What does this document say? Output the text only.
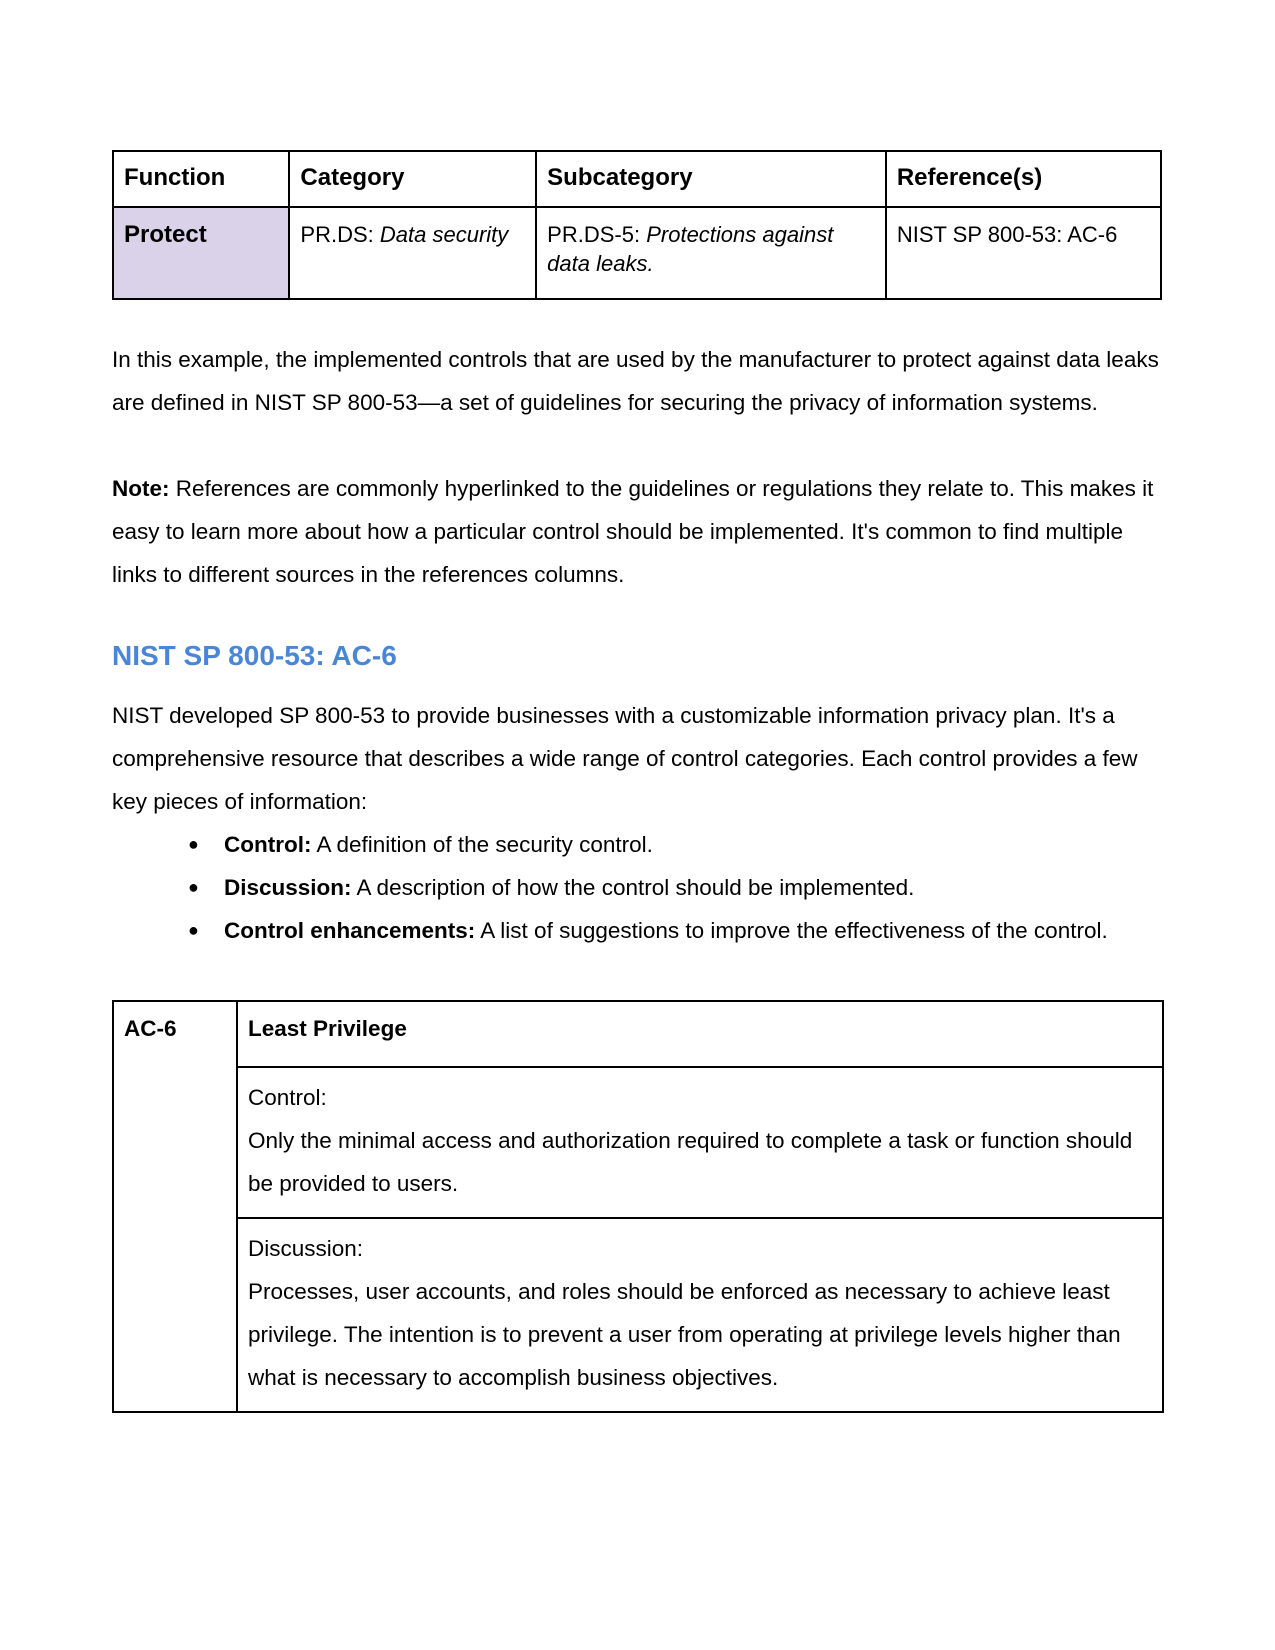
Function	Category	Subcategory	Reference(s)
Protect	PR.DS: Data security	PR.DS-5: Protections against data leaks.	NIST SP 800-53: AC-6

In this example, the implemented controls that are used by the manufacturer to protect against data leaks are defined in NIST SP 800-53—a set of guidelines for securing the privacy of information systems.

Note: References are commonly hyperlinked to the guidelines or regulations they relate to. This makes it easy to learn more about how a particular control should be implemented. It's common to find multiple links to different sources in the references columns.

NIST SP 800-53: AC-6

NIST developed SP 800-53 to provide businesses with a customizable information privacy plan. It's a comprehensive resource that describes a wide range of control categories. Each control provides a few key pieces of information:

● Control: A definition of the security control.
● Discussion: A description of how the control should be implemented.
● Control enhancements: A list of suggestions to improve the effectiveness of the control.
AC-6	Least Privilege

Control:
Only the minimal access and authorization required to complete a task or function should be provided to users.

Discussion:
Processes, user accounts, and roles should be enforced as necessary to achieve least privilege. The intention is to prevent a user from operating at privilege levels higher than what is necessary to accomplish business objectives.
